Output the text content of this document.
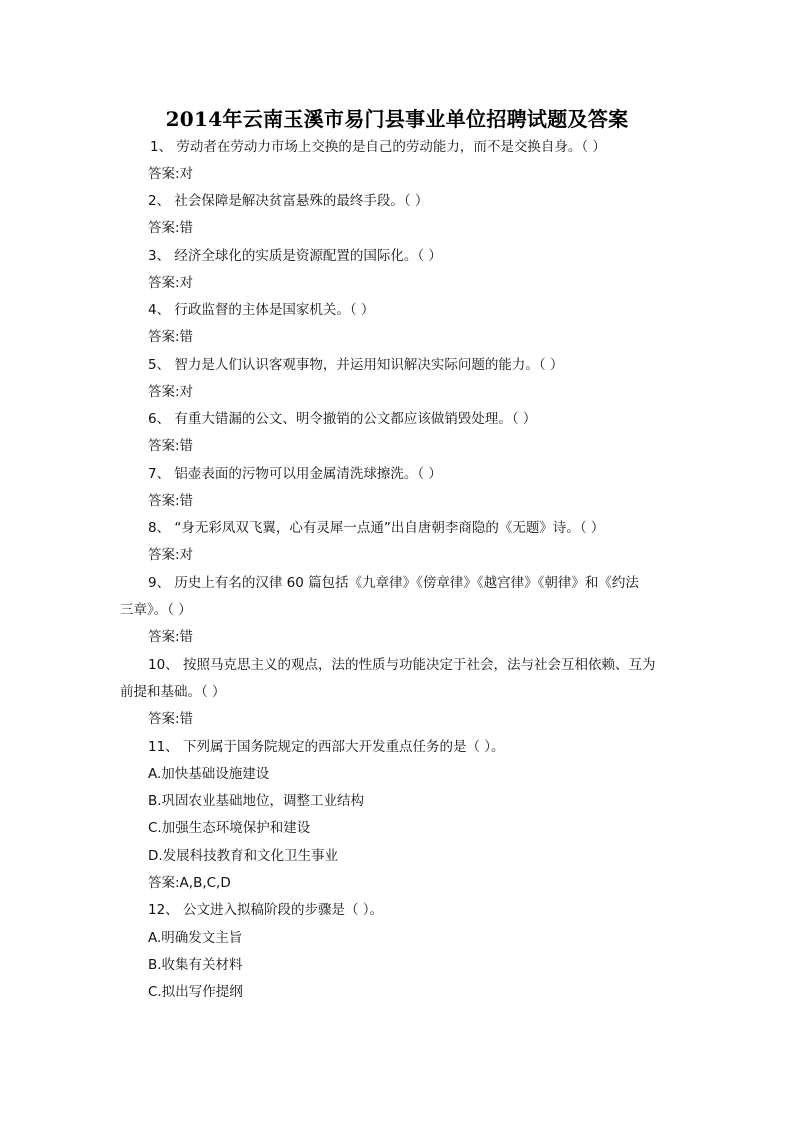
2014年云南玉溪市易门县事业单位招聘试题及答案
1、 劳动者在劳动力市场上交换的是自己的劳动能力，而不是交换自身。（ ）
答案:对
2、 社会保障是解决贫富悬殊的最终手段。（ ）
答案:错
3、 经济全球化的实质是资源配置的国际化。（ ）
答案:对
4、 行政监督的主体是国家机关。（ ）
答案:错
5、 智力是人们认识客观事物，并运用知识解决实际问题的能力。（ ）
答案:对
6、 有重大错漏的公文、明令撤销的公文都应该做销毁处理。（ ）
答案:错
7、 铝壶表面的污物可以用金属清洗球擦洗。（ ）
答案:错
8、 “身无彩凤双飞翼，心有灵犀一点通”出自唐朝李商隐的《无题》诗。（ ）
答案:对
9、 历史上有名的汉律 60 篇包括《九章律》《傍章律》《越宫律》《朝律》和《约法
三章》。（ ）
答案:错
10、 按照马克思主义的观点，法的性质与功能决定于社会，法与社会互相依赖、互为
前提和基础。（ ）
答案:错
11、 下列属于国务院规定的西部大开发重点任务的是（ ）。
A.加快基础设施建设
B.巩固农业基础地位，调整工业结构
C.加强生态环境保护和建设
D.发展科技教育和文化卫生事业
答案:A,B,C,D
12、 公文进入拟稿阶段的步骤是（ ）。
A.明确发文主旨
B.收集有关材料
C.拟出写作提纲
